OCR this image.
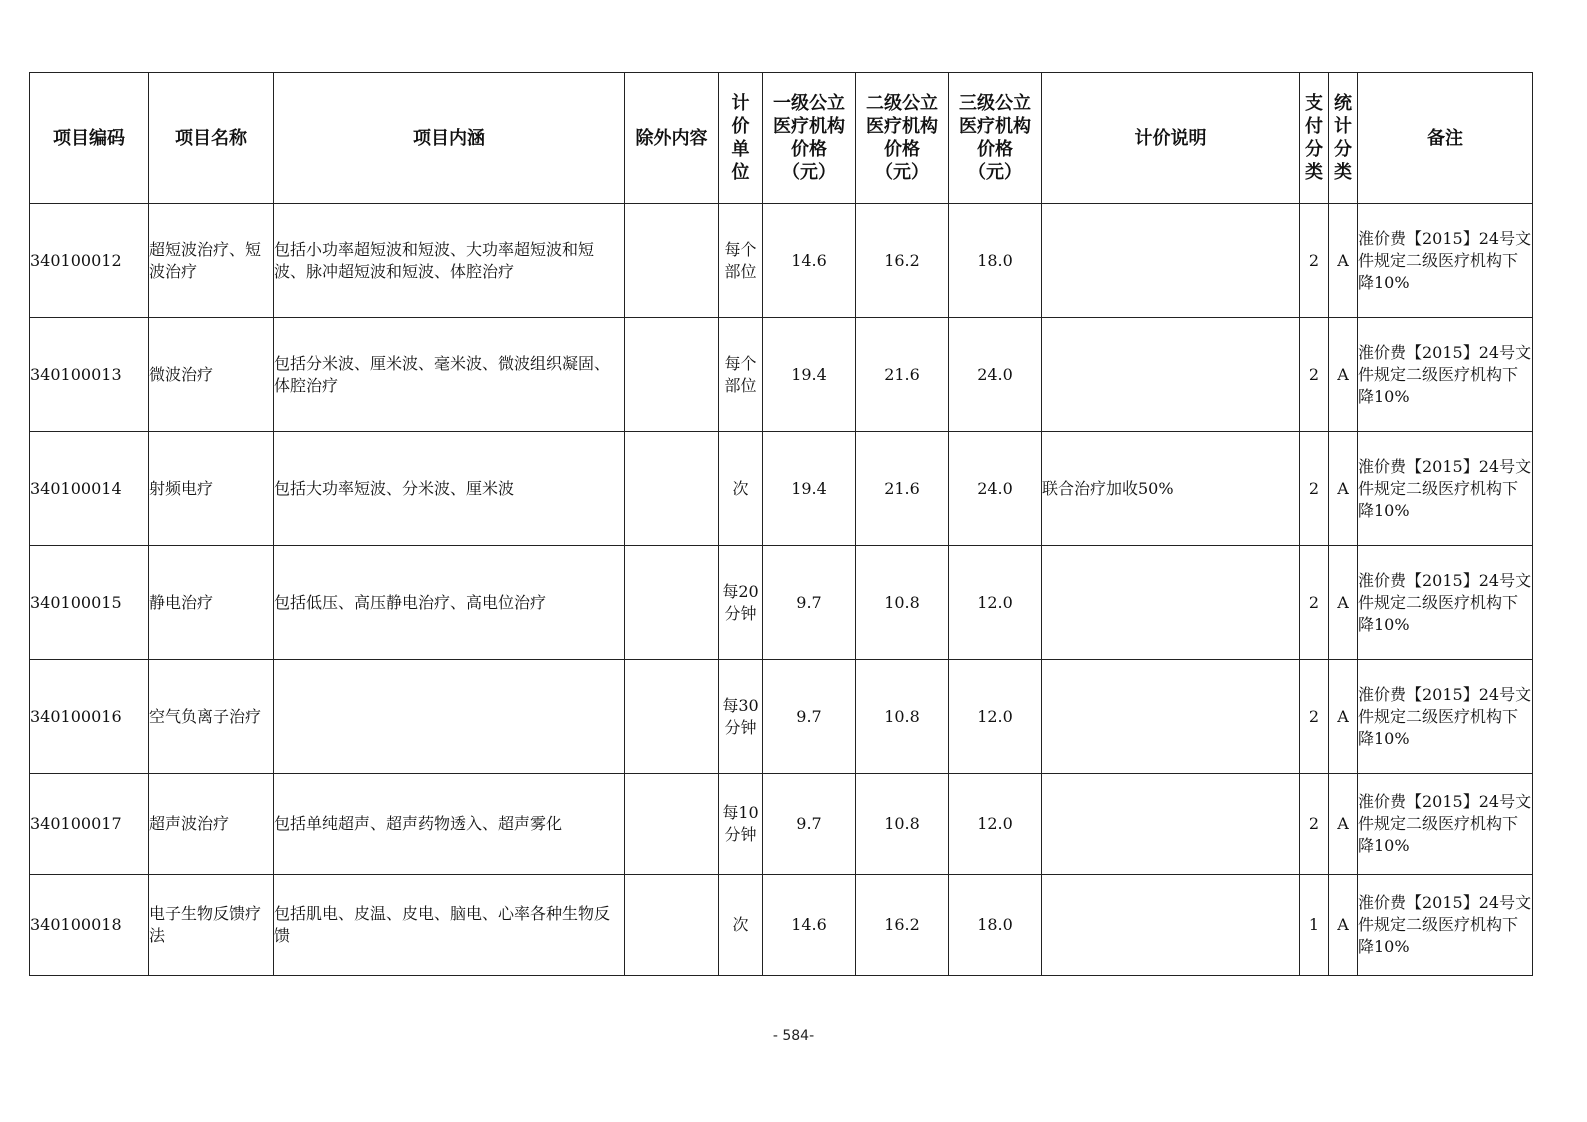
项目编码	项目名称	项目内涵	除外内容	计价单位	一级公立医疗机构价格（元）	二级公立医疗机构价格（元）	三级公立医疗机构价格（元）	计价说明	支付分类	统计分类	备注
340100012	超短波治疗、短波治疗	包括小功率超短波和短波、大功率超短波和短波、脉冲超短波和短波、体腔治疗		每个部位	14.6	16.2	18.0		2	A	淮价费【2015】24号文件规定二级医疗机构下降10%
340100013	微波治疗	包括分米波、厘米波、毫米波、微波组织凝固、体腔治疗		每个部位	19.4	21.6	24.0		2	A	淮价费【2015】24号文件规定二级医疗机构下降10%
340100014	射频电疗	包括大功率短波、分米波、厘米波		次	19.4	21.6	24.0	联合治疗加收50%	2	A	淮价费【2015】24号文件规定二级医疗机构下降10%
340100015	静电治疗	包括低压、高压静电治疗、高电位治疗		每20分钟	9.7	10.8	12.0		2	A	淮价费【2015】24号文件规定二级医疗机构下降10%
340100016	空气负离子治疗			每30分钟	9.7	10.8	12.0		2	A	淮价费【2015】24号文件规定二级医疗机构下降10%
340100017	超声波治疗	包括单纯超声、超声药物透入、超声雾化		每10分钟	9.7	10.8	12.0		2	A	淮价费【2015】24号文件规定二级医疗机构下降10%
340100018	电子生物反馈疗法	包括肌电、皮温、皮电、脑电、心率各种生物反馈		次	14.6	16.2	18.0		1	A	淮价费【2015】24号文件规定二级医疗机构下降10%
- 584-
